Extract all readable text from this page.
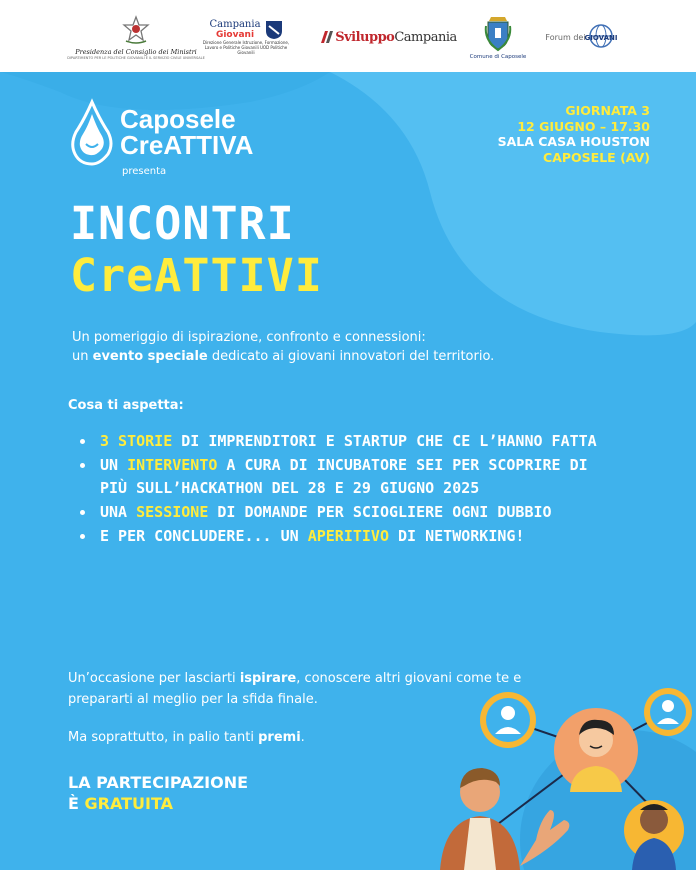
Presidenza del Consiglio dei Ministri
DIPARTIMENTO PER LE POLITICHE GIOVANILI E IL SERVIZIO CIVILE UNIVERSALE
Campania
Giovani
Direzione Generale Istruzione, Formazione, Lavoro e Politiche Giovanili UOD Politiche Giovanili
Sviluppo Campania
Comune di Caposele
Forum dei
GIOVANI
Caposele
CreATTIVA
presenta
GIORNATA 3
12 GIUGNO – 17.30
SALA CASA HOUSTON
CAPOSELE (AV)
INCONTRI
CreATTIVI
Un pomeriggio di ispirazione, confronto e connessioni:
un evento speciale dedicato ai giovani innovatori del territorio.
Cosa ti aspetta:
3 STORIE DI IMPRENDITORI E STARTUP CHE CE L’HANNO FATTA
UN INTERVENTO A CURA DI INCUBATORE SEI PER SCOPRIRE DI PIÙ SULL’HACKATHON DEL 28 E 29 GIUGNO 2025
UNA SESSIONE DI DOMANDE PER SCIOGLIERE OGNI DUBBIO
E PER CONCLUDERE... UN APERITIVO DI NETWORKING!
Un’occasione per lasciarti ispirare, conoscere altri giovani come te e prepararti al meglio per la sfida finale.
Ma soprattutto, in palio tanti premi.
LA PARTECIPAZIONE
È GRATUITA
